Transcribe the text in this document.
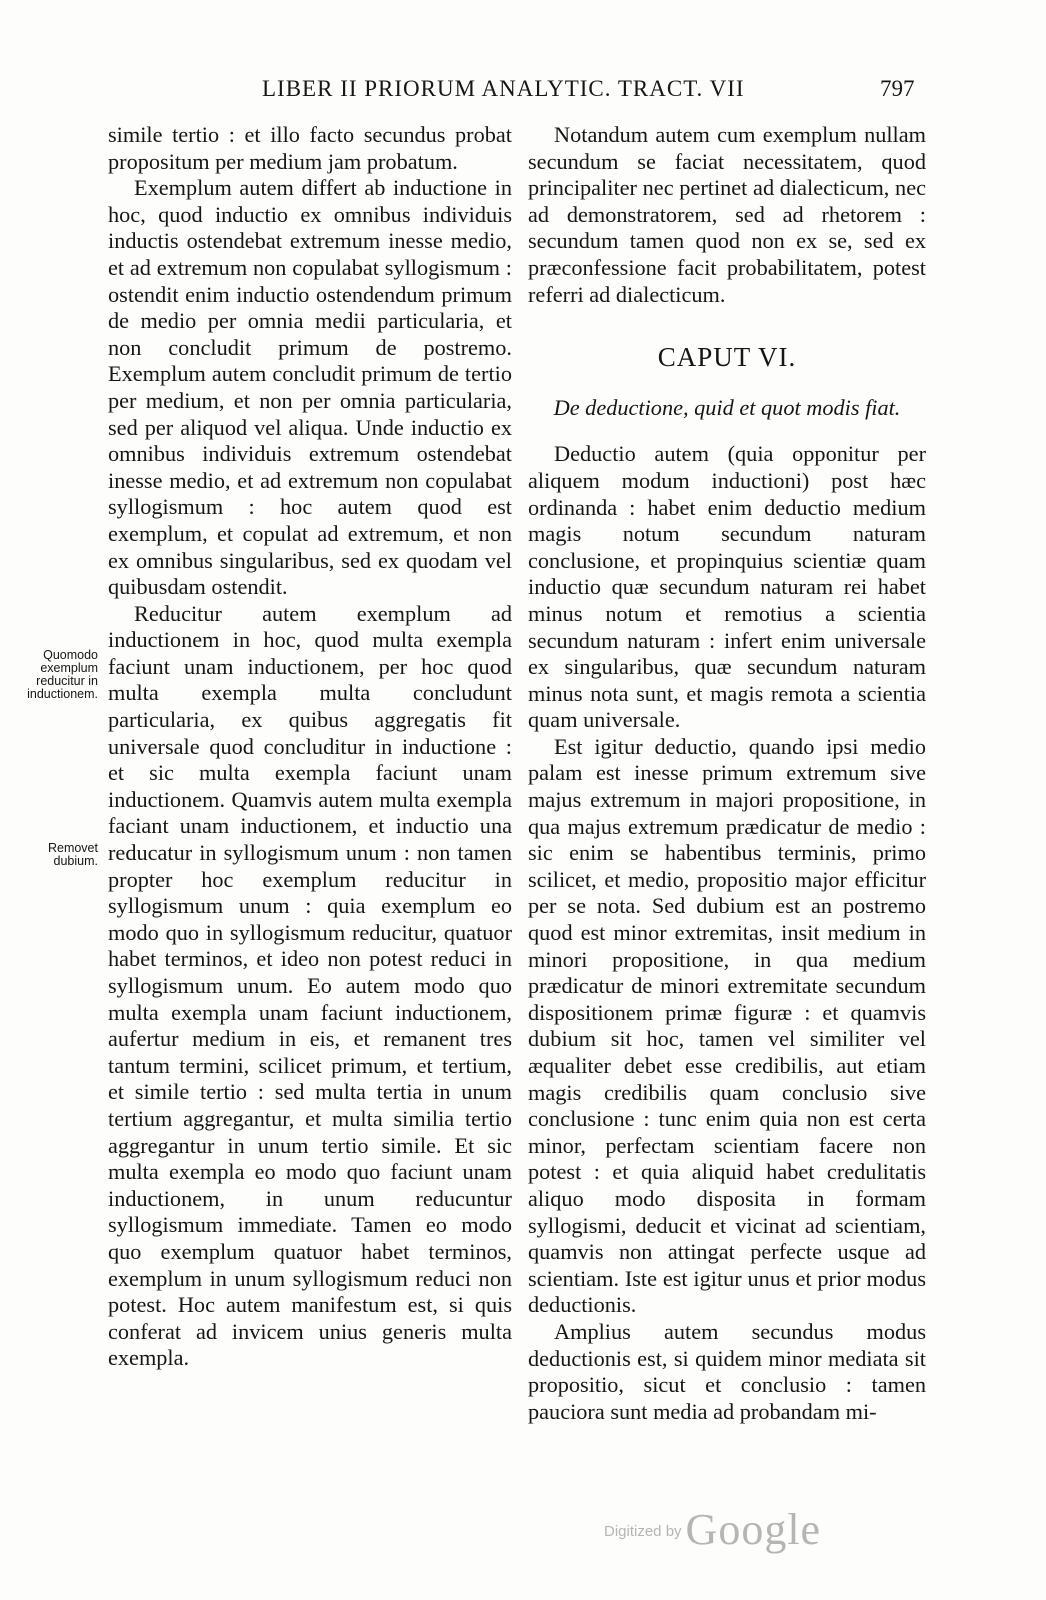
LIBER II PRIORUM ANALYTIC. TRACT. VII	797
Quomodo exemplum reducitur in inductionem.
Removet dubium.

simile tertio : et illo facto secundus probat propositum per medium jam probatum.

Exemplum autem differt ab inductione in hoc, quod inductio ex omnibus individuis inductis ostendebat extremum inesse medio, et ad extremum non copulabat syllogismum : ostendit enim inductio ostendendum primum de medio per omnia medii particularia, et non concludit primum de postremo. Exemplum autem concludit primum de tertio per medium, et non per omnia particularia, sed per aliquod vel aliqua. Unde inductio ex omnibus individuis extremum ostendebat inesse medio, et ad extremum non copulabat syllogismum : hoc autem quod est exemplum, et copulat ad extremum, et non ex omnibus singularibus, sed ex quodam vel quibusdam ostendit.

Reducitur autem exemplum ad inductionem in hoc, quod multa exempla faciunt unam inductionem, per hoc quod multa exempla multa concludunt particularia, ex quibus aggregatis fit universale quod concluditur in inductione : et sic multa exempla faciunt unam inductionem. Quamvis autem multa exempla faciant unam inductionem, et inductio una reducatur in syllogismum unum : non tamen propter hoc exemplum reducitur in syllogismum unum : quia exemplum eo modo quo in syllogismum reducitur, quatuor habet terminos, et ideo non potest reduci in syllogismum unum. Eo autem modo quo multa exempla unam faciunt inductionem, aufertur medium in eis, et remanent tres tantum termini, scilicet primum, et tertium, et simile tertio : sed multa tertia in unum tertium aggregantur, et multa similia tertio aggregantur in unum tertio simile. Et sic multa exempla eo modo quo faciunt unam inductionem, in unum reducuntur syllogismum immediate. Tamen eo modo quo exemplum quatuor habet terminos, exemplum in unum syllogismum reduci non potest. Hoc autem manifestum est, si quis conferat ad invicem unius generis multa exempla.

Notandum autem cum exemplum nullam secundum se faciat necessitatem, quod principaliter nec pertinet ad dialecticum, nec ad demonstratorem, sed ad rhetorem : secundum tamen quod non ex se, sed ex præconfessione facit probabilitatem, potest referri ad dialecticum.

CAPUT VI.
De deductione, quid et quot modis fiat.

Deductio autem (quia opponitur per aliquem modum inductioni) post hæc ordinanda : habet enim deductio medium magis notum secundum naturam conclusione, et propinquius scientiæ quam inductio quæ secundum naturam rei habet minus notum et remotius a scientia secundum naturam : infert enim universale ex singularibus, quæ secundum naturam minus nota sunt, et magis remota a scientia quam universale.

Est igitur deductio, quando ipsi medio palam est inesse primum extremum sive majus extremum in majori propositione, in qua majus extremum prædicatur de medio : sic enim se habentibus terminis, primo scilicet, et medio, propositio major efficitur per se nota. Sed dubium est an postremo quod est minor extremitas, insit medium in minori propositione, in qua medium prædicatur de minori extremitate secundum dispositionem primæ figuræ : et quamvis dubium sit hoc, tamen vel similiter vel æqualiter debet esse credibilis, aut etiam magis credibilis quam conclusio sive conclusione : tunc enim quia non est certa minor, perfectam scientiam facere non potest : et quia aliquid habet credulitatis aliquo modo disposita in formam syllogismi, deducit et vicinat ad scientiam, quamvis non attingat perfecte usque ad scientiam. Iste est igitur unus et prior modus deductionis.

Amplius autem secundus modus deductionis est, si quidem minor mediata sit propositio, sicut et conclusio : tamen pauciora sunt media ad probandam mi-

Digitized by Google
